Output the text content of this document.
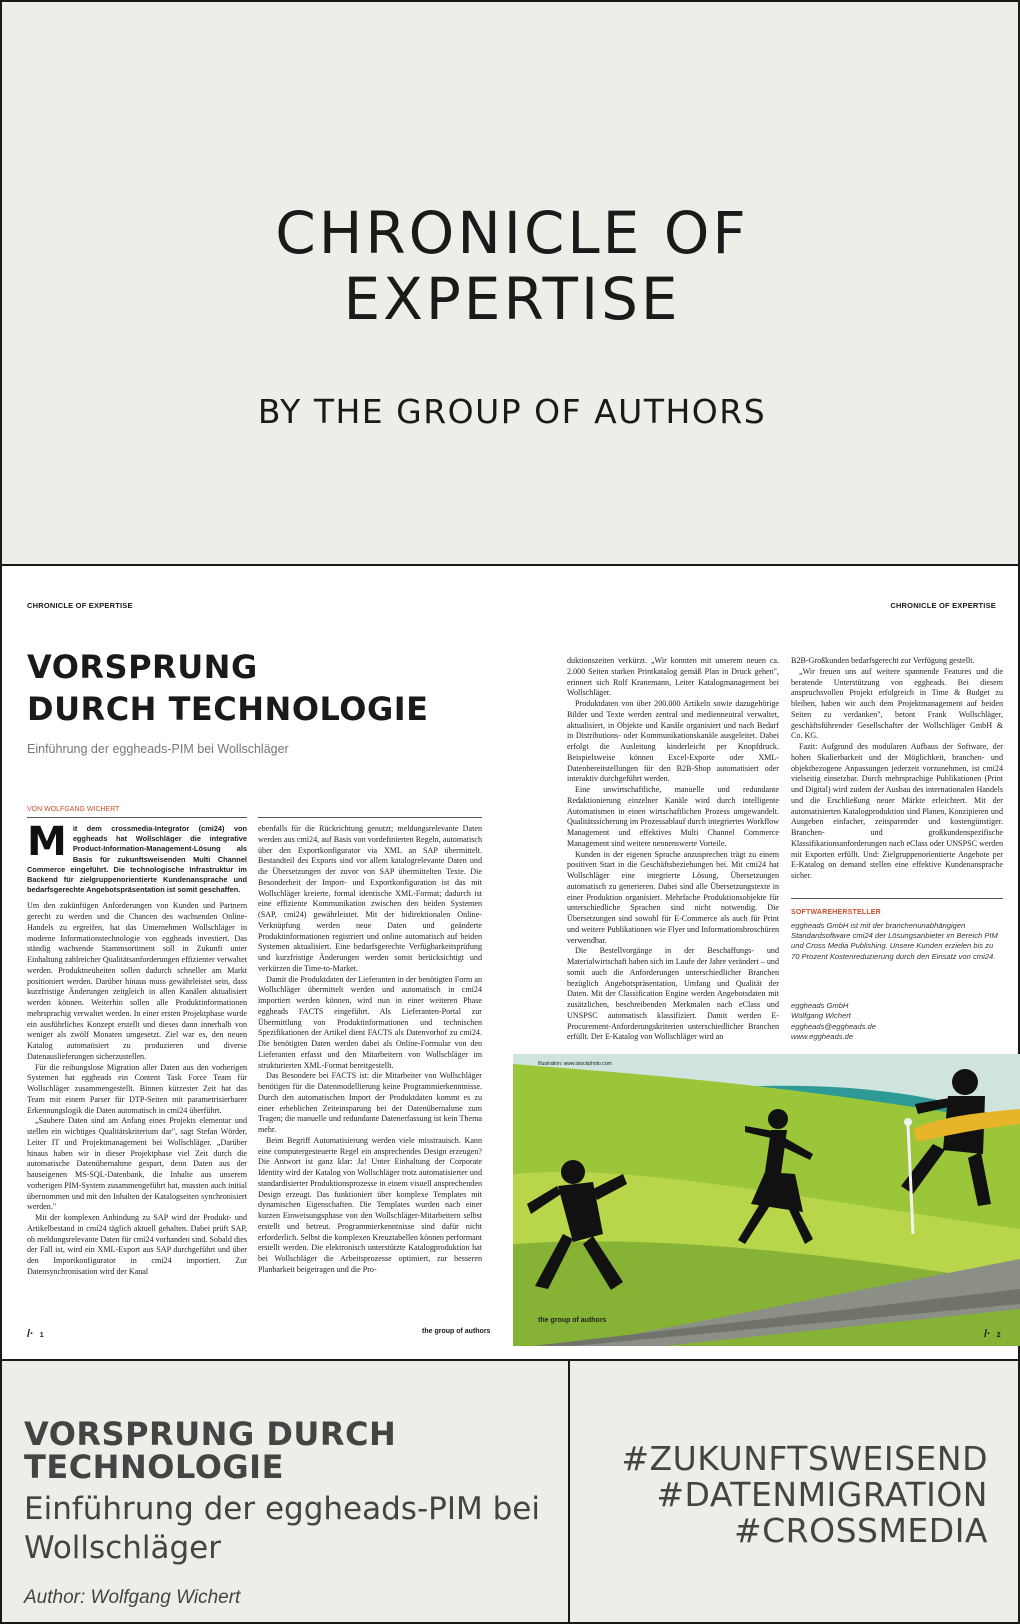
CHRONICLE OF
EXPERTISE
BY THE GROUP OF AUTHORS
CHRONICLE OF EXPERTISE	CHRONICLE OF EXPERTISE
VORSPRUNG
DURCH TECHNOLOGIE
Einführung der eggheads-PIM bei Wollschläger
VON WOLFGANG WICHERT
Mit dem crossmedia-Integrator (cmi24) von eggheads hat Wollschläger die integrative Product-Information-Management-Lösung als Basis für zukunftsweisenden Multi Channel Commerce eingeführt. Die technologische Infrastruktur im Backend für zielgruppenorientierte Kundenansprache und bedarfsgerechte Angebotspräsentation ist somit geschaffen.

Um den zukünftigen Anforderungen von Kunden und Partnern gerecht zu werden und die Chancen des wachsenden Online-Handels zu ergreifen, hat das Unternehmen Wollschläger in moderne Informationstechnologie von eggheads investiert. Das ständig wachsende Stammsortiment soll in Zukunft unter Einhaltung zahlreicher Qualitätsanforderungen effizienter verwaltet werden. Produktneuheiten sollen dadurch schneller am Markt positioniert werden. Darüber hinaus muss gewährleistet sein, dass kurzfristige Änderungen zeitgleich in allen Kanälen aktualisiert werden können. Weiterhin sollen alle Produktinformationen mehrsprachig verwaltet werden. In einer ersten Projektphase wurde ein ausführliches Konzept erstellt und dieses dann innerhalb von weniger als zwölf Monaten umgesetzt. Ziel war es, den neuen Katalog automatisiert zu produzieren und diverse Datenauslieferungen sicherzustellen.

Für die reibungslose Migration aller Daten aus den vorherigen Systemen hat eggheads ein Content Task Force Team für Wollschläger zusammengestellt. Binnen kürzester Zeit hat das Team mit einem Parser für DTP-Seiten mit parametrisierbarer Erkennungslogik die Daten automatisch in cmi24 überführt.

„Saubere Daten sind am Anfang eines Projekts elementar und stellen ein wichtiges Qualitätskriterium dar", sagt Stefan Wörder, Leiter IT und Projektmanagement bei Wollschläger. „Darüber hinaus haben wir in dieser Projektphase viel Zeit durch die automatische Datenübernahme gespart, denn Daten aus der hauseigenen MS-SQL-Datenbank, die Inhalte aus unserem vorherigen PIM-System zusammengeführt hat, mussten auch initial übernommen und mit den Inhalten der Katalogseiten synchronisiert werden."

Mit der komplexen Anbindung zu SAP wird der Produkt- und Artikelbestand in cmi24 täglich aktuell gehalten. Dabei prüft SAP, ob meldungsrelevante Daten für cmi24 vorhanden sind. Sobald dies der Fall ist, wird ein XML-Export aus SAP durchgeführt und über den Importkonfigurator in cmi24 importiert. Zur Datensynchronisation wird der Kanal

ebenfalls für die Rückrichtung genutzt; meldungsrelevante Daten werden aus cmi24, auf Basis von vordefinierten Regeln, automatisch über den Exportkonfigurator via XML an SAP übermittelt. Bestandteil des Exports sind vor allem katalogrelevante Daten und die Übersetzungen der zuvor von SAP übermittelten Texte. Die Besonderheit der Import- und Exportkonfiguration ist das mit Wollschläger kreierte, formal identische XML-Format; dadurch ist eine effiziente Kommunikation zwischen den beiden Systemen (SAP, cmi24) gewährleistet. Mit der bidirektionalen Online-Verknüpfung werden neue Daten und geänderte Produktinformationen registriert und online automatisch auf beiden Systemen aktualisiert. Eine bedarfsgerechte Verfügbarkeitsprüfung und kurzfristige Änderungen werden somit berücksichtigt und verkürzen die Time-to-Market.

Damit die Produktdaten der Lieferanten in der benötigten Form an Wollschläger übermittelt werden und automatisch in cmi24 importiert werden können, wird nun in einer weiteren Phase eggheads FACTS eingeführt. Als Lieferanten-Portal zur Übermittlung von Produktinformationen und technischen Spezifikationen der Artikel dient FACTS als Datenvorhof zu cmi24. Die benötigten Daten werden dabei als Online-Formular von den Lieferanten erfasst und den Mitarbeitern von Wollschläger im strukturierten XML-Format bereitgestellt.

Das Besondere bei FACTS ist: die Mitarbeiter von Wollschläger benötigen für die Datenmodellierung keine Programmierkenntnisse. Durch den automatischen Import der Produktdaten kommt es zu einer erheblichen Zeiteinsparung bei der Datenübernahme zum Tragen; die manuelle und redundante Datenerfassung ist kein Thema mehr.

Beim Begriff Automatisierung werden viele misstrauisch. Kann eine computergesteuerte Regel ein ansprechendes Design erzeugen? Die Antwort ist ganz klar: Ja! Unter Einhaltung der Corporate Identity wird der Katalog von Wollschläger trotz automatisierter und standardisierter Produktionsprozesse in einem visuell ansprechenden Design erzeugt. Das funktioniert über komplexe Templates mit dynamischen Eigenschaften. Die Templates wurden nach einer kurzen Einweisungsphase von den Wollschläger-Mitarbeitern selbst erstellt und betreut. Programmierkenntnisse sind dafür nicht erforderlich. Selbst die komplexen Kreuztabellen können performant erstellt werden. Die elektronisch unterstützte Katalogproduktion hat bei Wollschläger die Arbeitsprozesse optimiert, zur besseren Planbarkeit beigetragen und die Pro-

duktionszeiten verkürzt. „Wir konnten mit unserem neuen ca. 2.000 Seiten starken Printkatalog gemäß Plan in Druck gehen", erinnert sich Rolf Kranemann, Leiter Katalogmanagement bei Wollschläger.

Produktdaten von über 200.000 Artikeln sowie dazugehörige Bilder und Texte werden zentral und medienneutral verwaltet, aktualisiert, in Objekte und Kanäle organisiert und nach Bedarf in Distributions- oder Kommunikationskanäle ausgeleitet. Dabei erfolgt die Ausleitung kinderleicht per Knopfdruck. Beispielsweise können Excel-Exporte oder XML-Datenbereitstellungen für den B2B-Shop automatisiert oder interaktiv durchgeführt werden.

Eine unwirtschaftliche, manuelle und redundante Redaktionierung einzelner Kanäle wird durch intelligente Automatismen in einen wirtschaftlichen Prozess umgewandelt. Qualitätssicherung im Prozessablauf durch integriertes Workflow Management und effektives Multi Channel Commerce Management sind weitere nennenswerte Vorteile.

Kunden in der eigenen Sprache anzusprechen trägt zu einem positiven Start in die Geschäftsbeziehungen bei. Mit cmi24 hat Wollschläger eine integrierte Lösung, Übersetzungen automatisch zu generieren. Dabei sind alle Übersetzungstexte in einer Produktion organisiert. Mehrfache Produktionsobjekte für unterschiedliche Sprachen sind nicht notwendig. Die Übersetzungen sind sowohl für E-Commerce als auch für Print und weitere Publikationen wie Flyer und Informationsbroschüren verwendbar.

Die Bestellvorgänge in der Beschaffungs- und Materialwirtschaft haben sich im Laufe der Jahre verändert – und somit auch die Anforderungen unterschiedlicher Branchen bezüglich Angebotspräsentation, Umfang und Qualität der Daten. Mit der Classification Engine werden Angebotsdaten mit zusätzlichen, beschreibenden Merkmalen nach eClass und UNSPSC automatisch klassifiziert. Damit werden E-Procurement-Anforderungskriterien unterschiedlicher Branchen erfüllt. Der E-Katalog von Wollschläger wird an

B2B-Großkunden bedarfsgerecht zur Verfügung gestellt.

„Wir freuen uns auf weitere spannende Features und die beratende Unterstützung von eggheads. Bei diesem anspruchsvollen Projekt erfolgreich in Time & Budget zu bleiben, haben wir auch dem Projektmanagement auf beiden Seiten zu verdanken", betont Frank Wollschläger, geschäftsführender Gesellschafter der Wollschläger GmbH & Co. KG.

Fazit: Aufgrund des modularen Aufbaus der Software, der hohen Skalierbarkeit und der Möglichkeit, branchen- und objektbezogene Anpassungen jederzeit vorzunehmen, ist cmi24 vielseitig einsetzbar. Durch mehrsprachige Publikationen (Print und Digital) wird zudem der Ausbau des internationalen Handels und die Erschließung neuer Märkte erleichtert. Mit der automatisierten Katalogproduktion sind Planen, Konzipieren und Ausgeben einfacher, zeitsparender und kostengünstiger. Branchen- und großkundenspezifische Klassifikationsanforderungen nach eClass oder UNSPSC werden mit Exporten erfüllt. Und: Zielgruppenorientierte Angebote per E-Katalog on demand stellen eine effektive Kundenansprache sicher.

SOFTWAREHERSTELLER
eggheads GmbH ist mit der branchenunabhängigen Standardsoftware cmi24 der Lösungsanbieter im Bereich PIM und Cross Media Publishing. Unsere Kunden erzielen bis zu 70 Prozent Kostenreduzierung durch den Einsatz von cmi24.
eggheads GmbH
Wolfgang Wichert
eggheads@eggheads.de
www.eggheads.de
Illustration: www.istockphoto.com
the group of authors
/· 1
the group of authors	/· 2
VORSPRUNG DURCH TECHNOLOGIE
Einführung der eggheads-PIM bei Wollschläger
Author: Wolfgang Wichert
#ZUKUNFTSWEISEND
#DATENMIGRATION
#CROSSMEDIA
